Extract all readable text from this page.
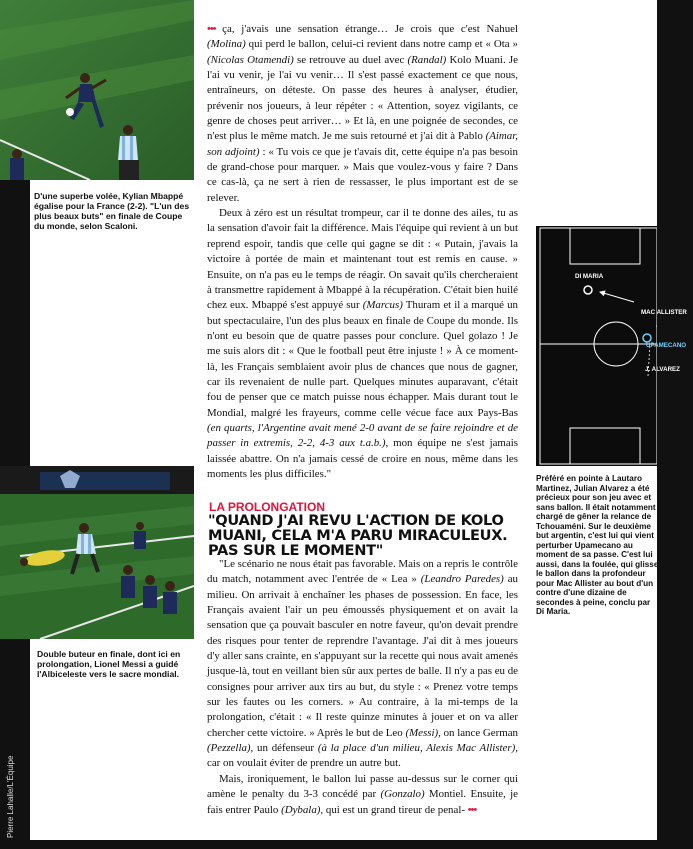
D'une superbe volée, Kylian Mbappé égalise pour la France (2-2). "L'un des plus beaux buts" en finale de Coupe du monde, selon Scaloni.
Double buteur en finale, dont ici en prolongation, Lionel Messi a guidé l'Albiceleste vers le sacre mondial.
Pierre Lahalle/L'Équipe

••• ça, j'avais une sensation étrange… Je crois que c'est Nahuel (Molina) qui perd le ballon, celui-ci revient dans notre camp et « Ota » (Nicolas Otamendi) se retrouve au duel avec (Randal) Kolo Muani. Je l'ai vu venir, je l'ai vu venir… Il s'est passé exactement ce que nous, entraîneurs, on déteste. On passe des heures à analyser, étudier, prévenir nos joueurs, à leur répéter : « Attention, soyez vigilants, ce genre de choses peut arriver… » Et là, en une poignée de secondes, ce n'est plus le même match. Je me suis retourné et j'ai dit à Pablo (Aimar, son adjoint) : « Tu vois ce que je t'avais dit, cette équipe n'a pas besoin de grand-chose pour marquer. » Mais que voulez-vous y faire ? Dans ce cas-là, ça ne sert à rien de ressasser, le plus important est de se relever.

Deux à zéro est un résultat trompeur, car il te donne des ailes, tu as la sensation d'avoir fait la différence. Mais l'équipe qui revient à un but reprend espoir, tandis que celle qui gagne se dit : « Putain, j'avais la victoire à portée de main et maintenant tout est remis en cause. » Ensuite, on n'a pas eu le temps de réagir. On savait qu'ils chercheraient à transmettre rapidement à Mbappé à la récupération. C'était bien huilé chez eux. Mbappé s'est appuyé sur (Marcus) Thuram et il a marqué un but spectaculaire, l'un des plus beaux en finale de Coupe du monde. Ils n'ont eu besoin que de quatre passes pour conclure. Quel golazo ! Je me suis alors dit : « Que le football peut être injuste ! » À ce moment-là, les Français semblaient avoir plus de chances que nous de gagner, car ils revenaient de nulle part. Quelques minutes auparavant, c'était fou de penser que ce match puisse nous échapper. Mais durant tout le Mondial, malgré les frayeurs, comme celle vécue face aux Pays-Bas (en quarts, l'Argentine avait mené 2-0 avant de se faire rejoindre et de passer in extremis, 2-2, 4-3 aux t.a.b.), mon équipe ne s'est jamais laissée abattre. On n'a jamais cessé de croire en nous, même dans les moments les plus difficiles."

LA PROLONGATION
"QUAND J'AI REVU L'ACTION DE KOLO MUANI, CELA M'A PARU MIRACULEUX. PAS SUR LE MOMENT"

"Le scénario ne nous était pas favorable. Mais on a repris le contrôle du match, notamment avec l'entrée de « Lea » (Leandro Paredes) au milieu. On arrivait à enchaîner les phases de possession. En face, les Français avaient l'air un peu émoussés physiquement et on avait la sensation que ça pouvait basculer en notre faveur, qu'on devait prendre des risques pour tenter de reprendre l'avantage. J'ai dit à mes joueurs d'y aller sans crainte, en s'appuyant sur la recette qui nous avait amenés jusque-là, tout en veillant bien sûr aux pertes de balle. Il n'y a pas eu de consignes pour arriver aux tirs au but, du style : « Prenez votre temps sur les fautes ou les corners. » Au contraire, à la mi-temps de la prolongation, c'était : « Il reste quinze minutes à jouer et on va aller chercher cette victoire. » Après le but de Leo (Messi), on lance German (Pezzella), un défenseur (à la place d'un milieu, Alexis Mac Allister), car on voulait éviter de prendre un autre but.

Mais, ironiquement, le ballon lui passe au-dessus sur le corner qui amène le penalty du 3-3 concédé par (Gonzalo) Montiel. Ensuite, je fais entrer Paulo (Dybala), qui est un grand tireur de penal- •••

DI MARIA
MAC ALLISTER
UPAMECANO
J. ALVAREZ
Préféré en pointe à Lautaro Martinez, Julian Alvarez a été précieux pour son jeu avec et sans ballon. Il était notamment chargé de gêner la relance de Tchouaméni. Sur le deuxième but argentin, c'est lui qui vient perturber Upamecano au moment de sa passe. C'est lui aussi, dans la foulée, qui glisse le ballon dans la profondeur pour Mac Allister au bout d'un contre d'une dizaine de secondes à peine, conclu par Di Maria.
